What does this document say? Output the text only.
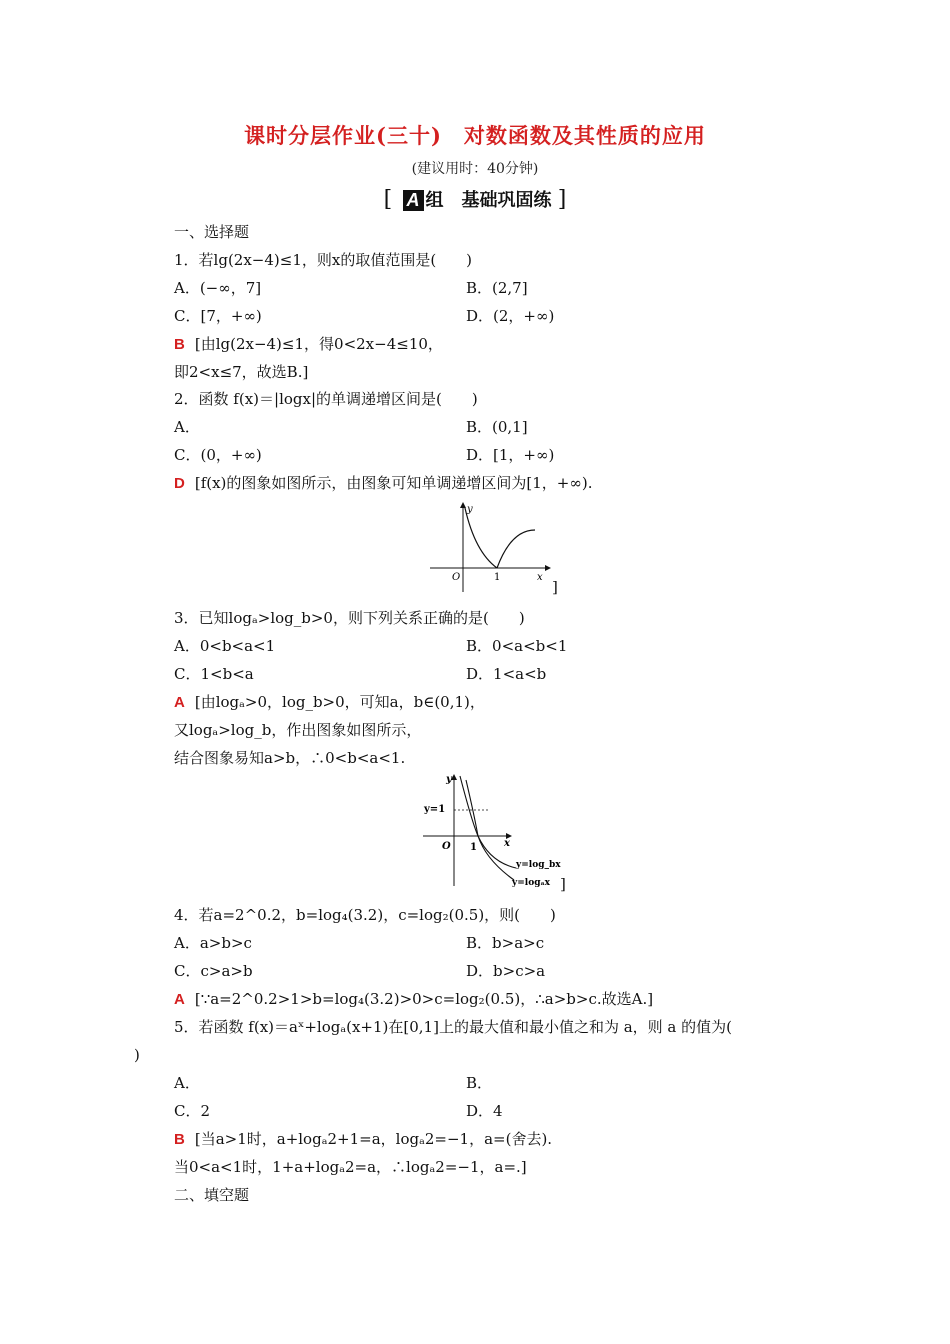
课时分层作业(三十)　对数函数及其性质的应用
(建议用时：40分钟)
[ A 组　基础巩固练 ]
一、选择题
1．若lg(2x−4)≤1，则x的取值范围是(　　)
A．(−∞，7]	B．(2,7]
C．[7，+∞)	D．(2，+∞)
B [由lg(2x−4)≤1，得0<2x−4≤10，
即2<x≤7，故选B.]
2．函数 f(x)＝|logx|的单调递增区间是(　　)
A．	B．(0,1]
C．(0，+∞)	D．[1，+∞)
D [f(x)的图象如图所示，由图象可知单调递增区间为[1，+∞).
y
O	1	x
]
3．已知logₐ>log_b>0，则下列关系正确的是(　　)
A．0<b<a<1	B．0<a<b<1
C．1<b<a	D．1<a<b
A [由logₐ>0，log_b>0，可知a，b∈(0,1)，
又logₐ>log_b，作出图象如图所示，
结合图象易知a>b，∴0<b<a<1.
y
y=1
O 1	x
y=log_bx
y=logₐx ]
4．若a=2^0.2，b=log₄(3.2)，c=log₂(0.5)，则(　　)
A．a>b>c	B．b>a>c
C．c>a>b	D．b>c>a
A [∵a=2^0.2>1>b=log₄(3.2)>0>c=log₂(0.5)，∴a>b>c.故选A.]
5．若函数 f(x)＝aˣ+logₐ(x+1)在[0,1]上的最大值和最小值之和为 a，则 a 的值为(
)
A．	B．
C．2	D．4
B [当a>1时，a+logₐ2+1=a，logₐ2=−1，a=(舍去).
当0<a<1时，1+a+logₐ2=a，∴logₐ2=−1，a=.]
二、填空题
